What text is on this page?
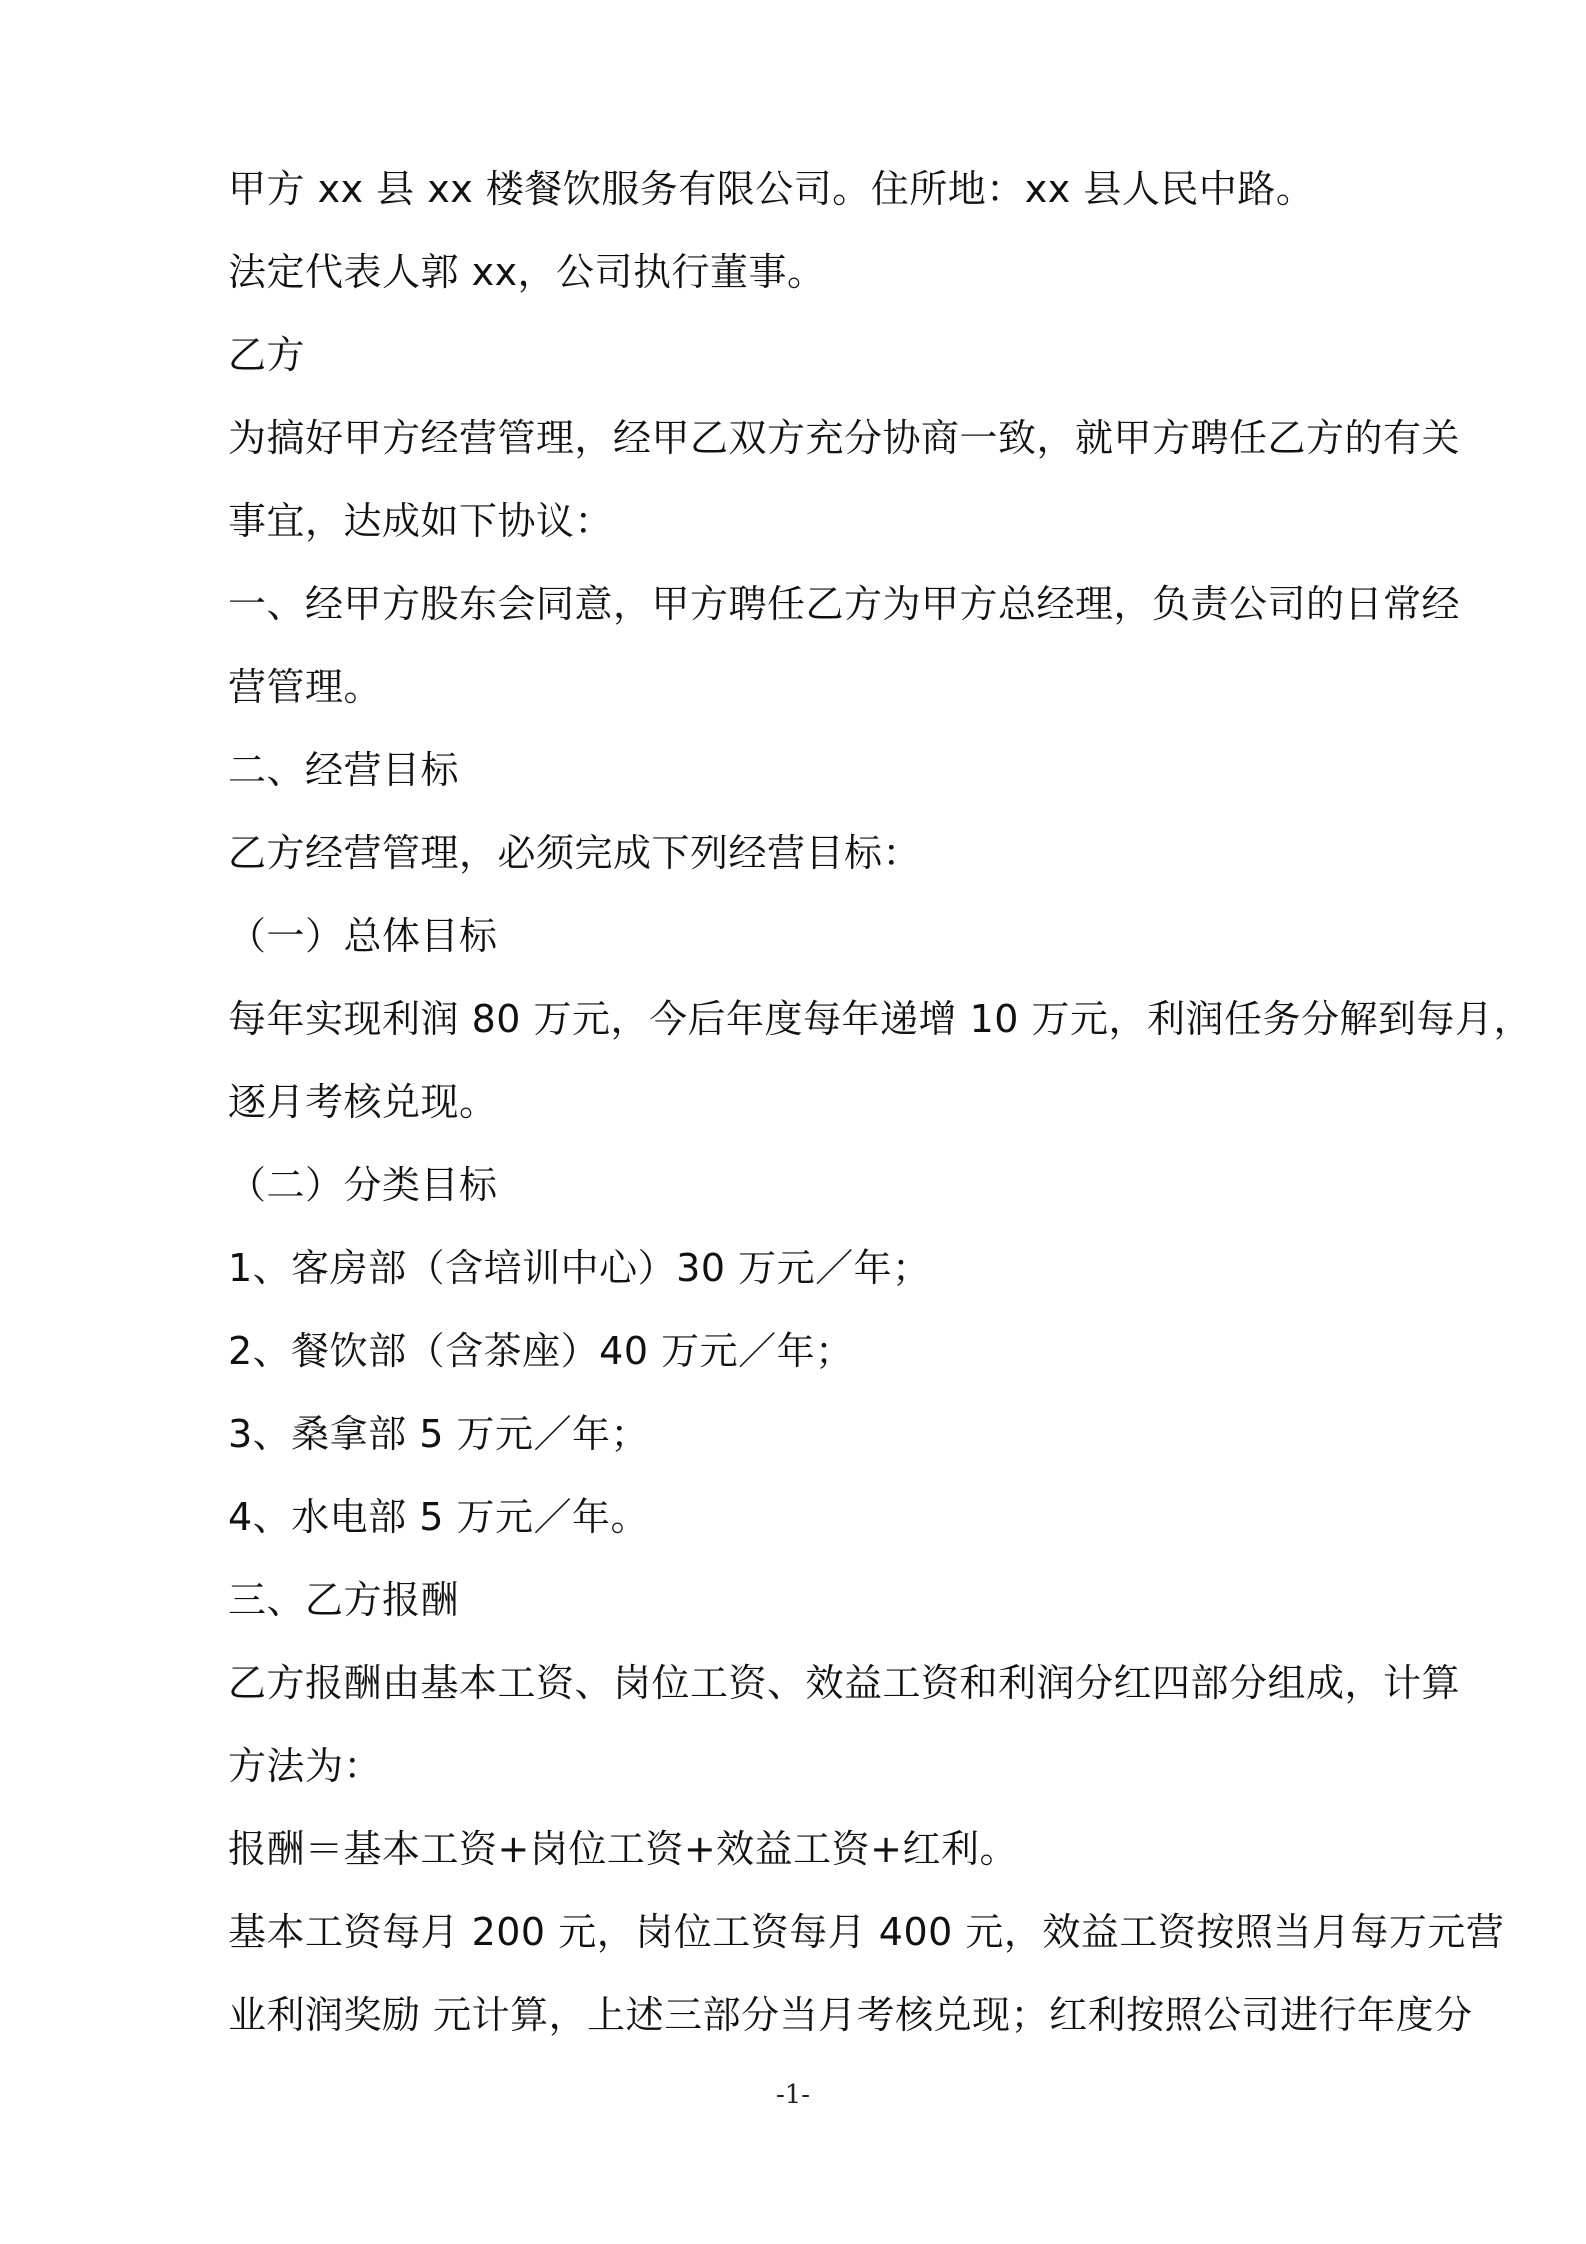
甲方 xx 县 xx 楼餐饮服务有限公司。住所地：xx 县人民中路。

法定代表人郭 xx，公司执行董事。

乙方

为搞好甲方经营管理，经甲乙双方充分协商一致，就甲方聘任乙方的有关

事宜，达成如下协议：

一、经甲方股东会同意，甲方聘任乙方为甲方总经理，负责公司的日常经

营管理。

二、经营目标

乙方经营管理，必须完成下列经营目标：

（一）总体目标

每年实现利润 80 万元，今后年度每年递增 10 万元，利润任务分解到每月，

逐月考核兑现。

（二）分类目标

1、客房部（含培训中心）30 万元／年；

2、餐饮部（含茶座）40 万元／年；

3、桑拿部 5 万元／年；

4、水电部 5 万元／年。

三、乙方报酬

乙方报酬由基本工资、岗位工资、效益工资和利润分红四部分组成，计算

方法为：

报酬＝基本工资+岗位工资+效益工资+红利。

基本工资每月 200 元，岗位工资每月 400 元，效益工资按照当月每万元营

业利润奖励 元计算，上述三部分当月考核兑现；红利按照公司进行年度分

-1-
